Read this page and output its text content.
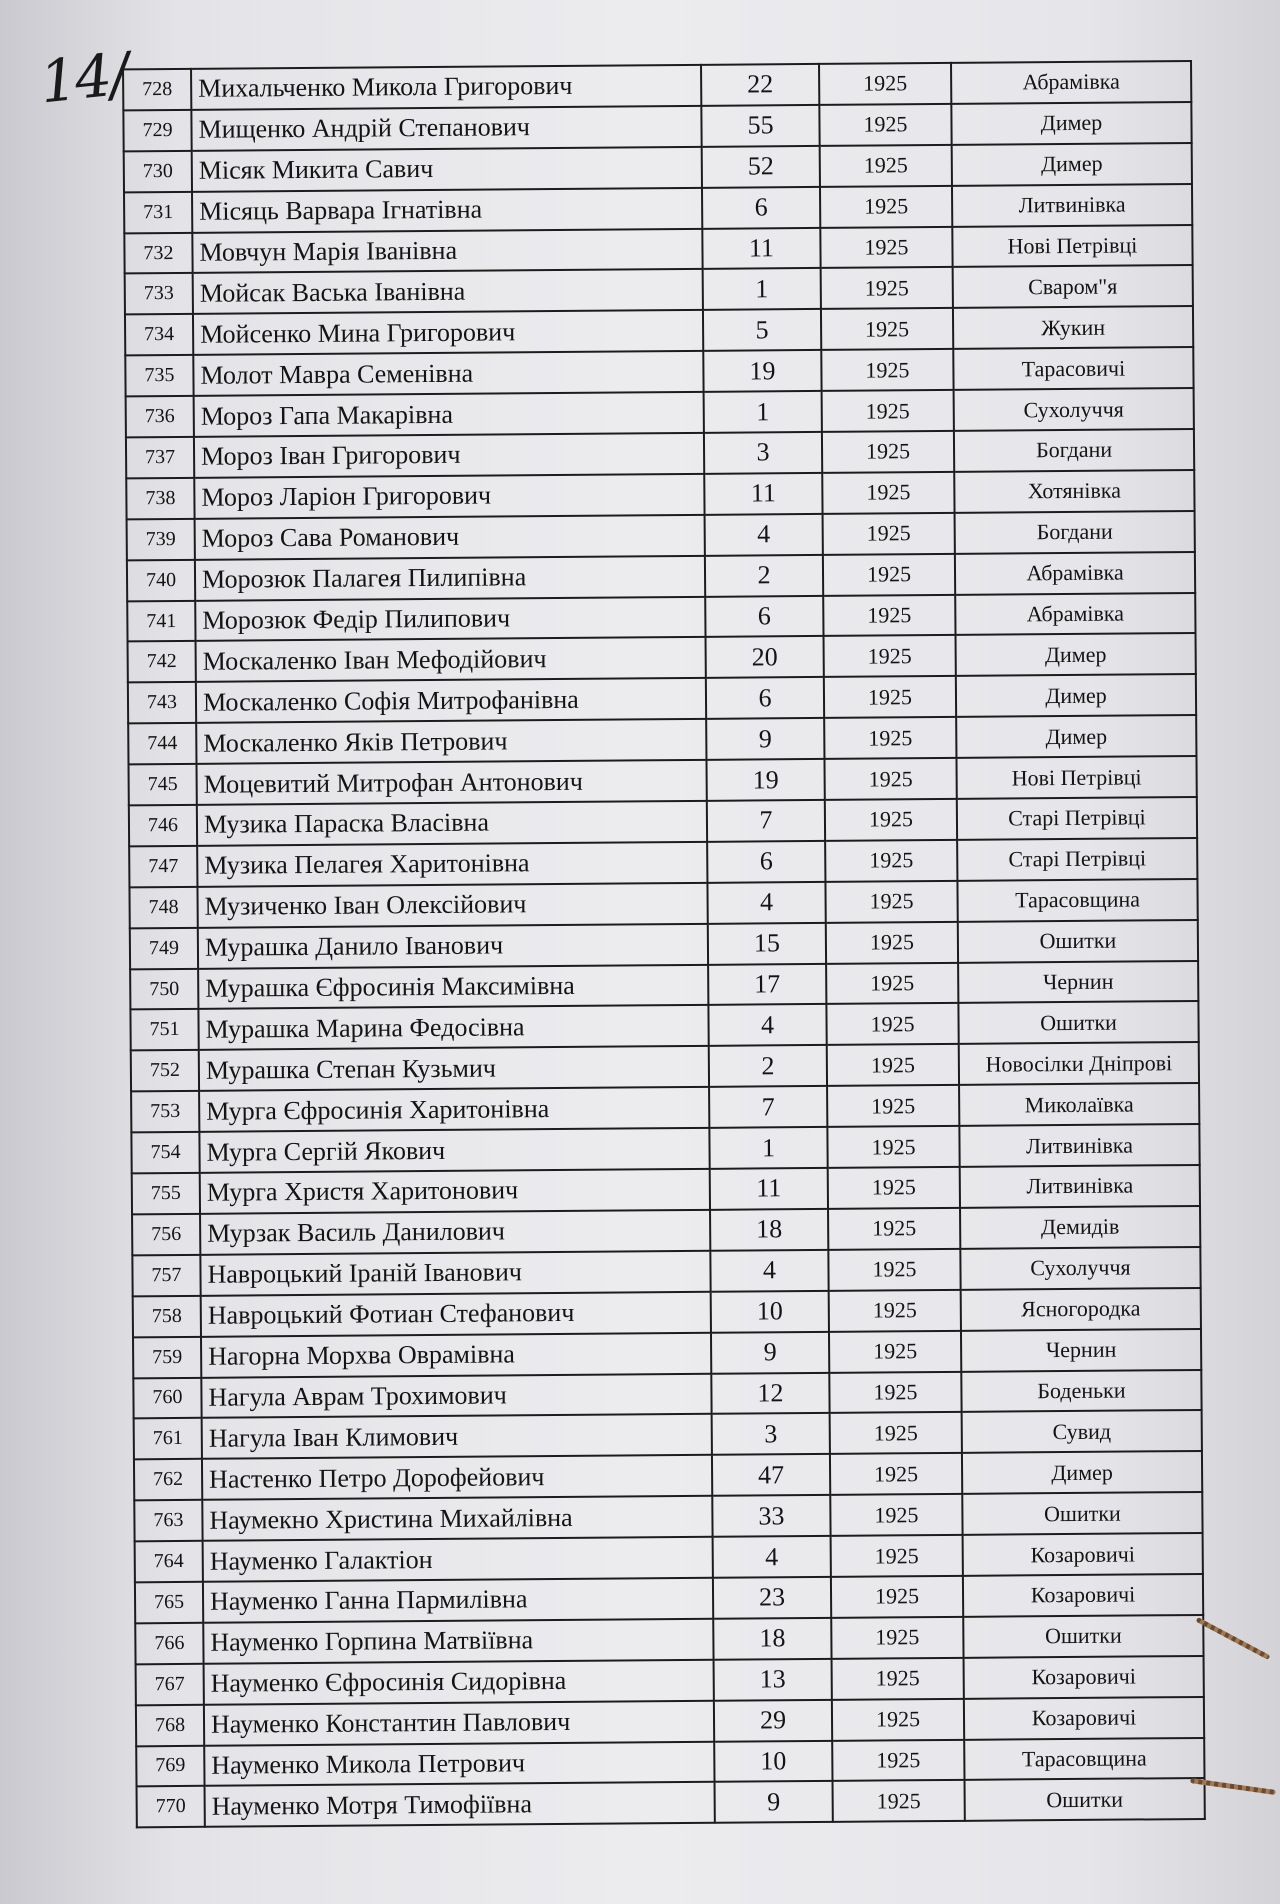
14/ 728	Михальченко Микола Григорович	22	1925	Абрамівка
729	Мищенко Андрій Степанович	55	1925	Димер
730	Місяк Микита Савич	52	1925	Димер
731	Місяць Варвара Ігнатівна	6	1925	Литвинівка
732	Мовчун Марія Іванівна	11	1925	Нові Петрівці
733	Мойсак Васька Іванівна	1	1925	Сваром"я
734	Мойсенко Мина Григорович	5	1925	Жукин
735	Молот Мавра Семенівна	19	1925	Тарасовичі
736	Мороз Гапа Макарівна	1	1925	Сухолуччя
737	Мороз Іван Григорович	3	1925	Богдани
738	Мороз Ларіон Григорович	11	1925	Хотянівка
739	Мороз Сава Романович	4	1925	Богдани
740	Морозюк Палагея Пилипівна	2	1925	Абрамівка
741	Морозюк Федір Пилипович	6	1925	Абрамівка
742	Москаленко Іван Мефодійович	20	1925	Димер
743	Москаленко Софія Митрофанівна	6	1925	Димер
744	Москаленко Яків Петрович	9	1925	Димер
745	Моцевитий Митрофан Антонович	19	1925	Нові Петрівці
746	Музика Параска Власівна	7	1925	Старі Петрівці
747	Музика Пелагея Харитонівна	6	1925	Старі Петрівці
748	Музиченко Іван Олексійович	4	1925	Тарасовщина
749	Мурашка Данило Іванович	15	1925	Ошитки
750	Мурашка Єфросинія Максимівна	17	1925	Чернин
751	Мурашка Марина Федосівна	4	1925	Ошитки
752	Мурашка Степан Кузьмич	2	1925	Новосілки Дніпрові
753	Мурга Єфросинія Харитонівна	7	1925	Миколаївка
754	Мурга Сергій Якович	1	1925	Литвинівка
755	Мурга Христя Харитонович	11	1925	Литвинівка
756	Мурзак Василь Данилович	18	1925	Демидів
757	Навроцький Іраній Іванович	4	1925	Сухолуччя
758	Навроцький Фотиан Стефанович	10	1925	Ясногородка
759	Нагорна Морхва Оврамівна	9	1925	Чернин
760	Нагула Аврам Трохимович	12	1925	Боденьки
761	Нагула Іван Климович	3	1925	Сувид
762	Настенко Петро Дорофейович	47	1925	Димер
763	Наумекно Христина Михайлівна	33	1925	Ошитки
764	Науменко Галактіон	4	1925	Козаровичі
765	Науменко Ганна Пармилівна	23	1925	Козаровичі
766	Науменко Горпина Матвіївна	18	1925	Ошитки
767	Науменко Єфросинія Сидорівна	13	1925	Козаровичі
768	Науменко Константин Павлович	29	1925	Козаровичі
769	Науменко Микола Петрович	10	1925	Тарасовщина
770	Науменко Мотря Тимофіївна	9	1925	Ошитки
